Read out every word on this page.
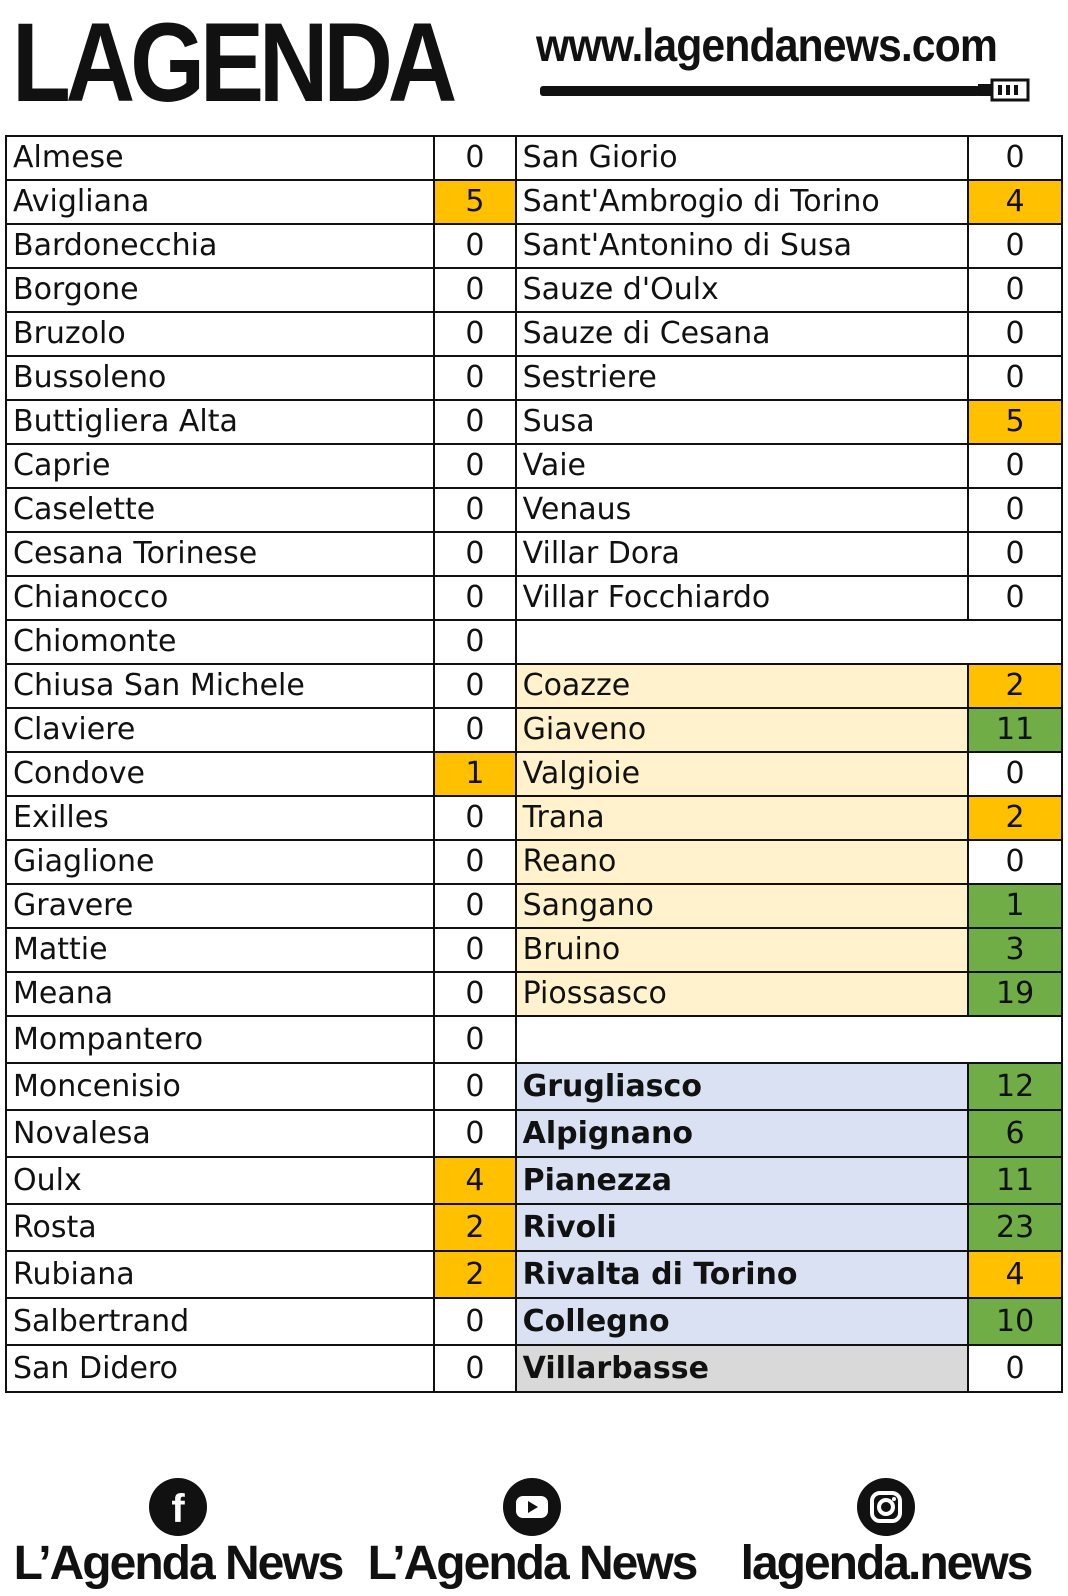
LAGENDA www.lagendanews.com
Almese	0	San Giorio	0
Avigliana	5	Sant'Ambrogio di Torino	4
Bardonecchia	0	Sant'Antonino di Susa	0
Borgone	0	Sauze d'Oulx	0
Bruzolo	0	Sauze di Cesana	0
Bussoleno	0	Sestriere	0
Buttigliera Alta	0	Susa	5
Caprie	0	Vaie	0
Caselette	0	Venaus	0
Cesana Torinese	0	Villar Dora	0
Chianocco	0	Villar Focchiardo	0
Chiomonte	0		
Chiusa San Michele	0	Coazze	2
Claviere	0	Giaveno	11
Condove	1	Valgioie	0
Exilles	0	Trana	2
Giaglione	0	Reano	0
Gravere	0	Sangano	1
Mattie	0	Bruino	3
Meana	0	Piossasco	19
Mompantero	0		
Moncenisio	0	Grugliasco	12
Novalesa	0	Alpignano	6
Oulx	4	Pianezza	11
Rosta	2	Rivoli	23
Rubiana	2	Rivalta di Torino	4
Salbertrand	0	Collegno	10
San Didero	0	Villarbasse	0
f
L’Agenda News L’Agenda News lagenda.news
